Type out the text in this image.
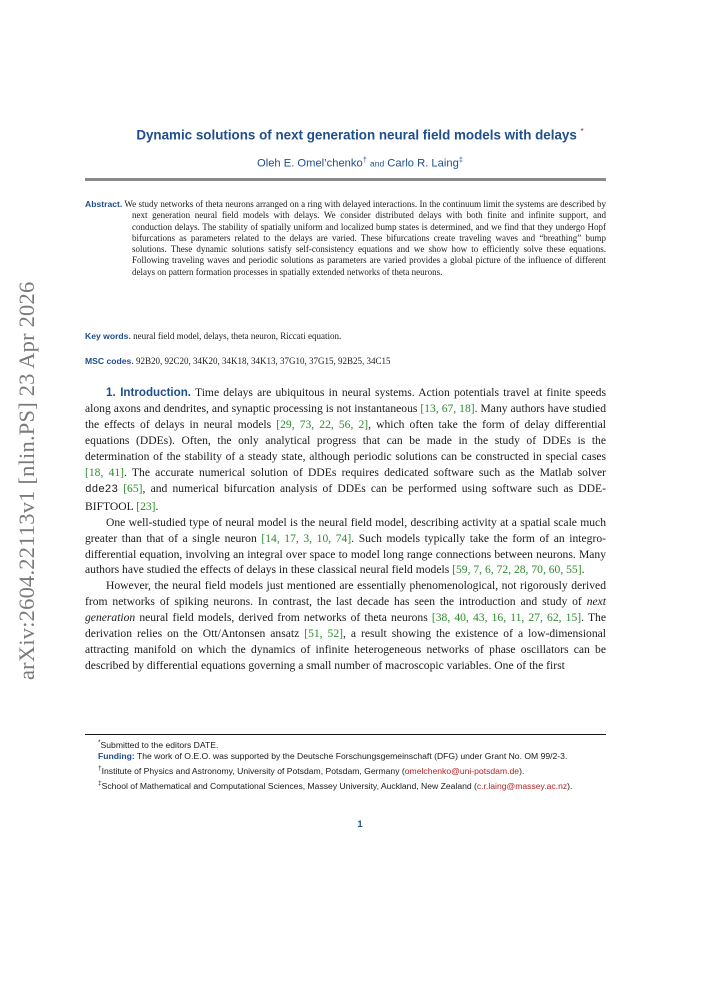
arXiv:2604.22113v1 [nlin.PS] 23 Apr 2026
Dynamic solutions of next generation neural field models with delays *
Oleh E. Omel’chenko† and Carlo R. Laing‡
Abstract. We study networks of theta neurons arranged on a ring with delayed interactions. In the continuum limit the systems are described by next generation neural field models with delays. We consider distributed delays with both finite and infinite support, and conduction delays. The stability of spatially uniform and localized bump states is determined, and we find that they undergo Hopf bifurcations as parameters related to the delays are varied. These bifurcations create traveling waves and “breathing” bump solutions. These dynamic solutions satisfy self-consistency equations and we show how to efficiently solve these equations. Following traveling waves and periodic solutions as parameters are varied provides a global picture of the influence of different delays on pattern formation processes in spatially extended networks of theta neurons.
Key words. neural field model, delays, theta neuron, Riccati equation.
MSC codes. 92B20, 92C20, 34K20, 34K18, 34K13, 37G10, 37G15, 92B25, 34C15

1. Introduction. Time delays are ubiquitous in neural systems. Action potentials travel at finite speeds along axons and dendrites, and synaptic processing is not instantaneous [13, 67, 18]. Many authors have studied the effects of delays in neural models [29, 73, 22, 56, 2], which often take the form of delay differential equations (DDEs). Often, the only analytical progress that can be made in the study of DDEs is the determination of the stability of a steady state, although periodic solutions can be constructed in special cases [18, 41]. The accurate numerical solution of DDEs requires dedicated software such as the Matlab solver dde23 [65], and numerical bifurcation analysis of DDEs can be performed using software such as DDE-BIFTOOL [23].

One well-studied type of neural model is the neural field model, describing activity at a spatial scale much greater than that of a single neuron [14, 17, 3, 10, 74]. Such models typically take the form of an integro-differential equation, involving an integral over space to model long range connections between neurons. Many authors have studied the effects of delays in these classical neural field models [59, 7, 6, 72, 28, 70, 60, 55].

However, the neural field models just mentioned are essentially phenomenological, not rigorously derived from networks of spiking neurons. In contrast, the last decade has seen the introduction and study of next generation neural field models, derived from networks of theta neurons [38, 40, 43, 16, 11, 27, 62, 15]. The derivation relies on the Ott/Antonsen ansatz [51, 52], a result showing the existence of a low-dimensional attracting manifold on which the dynamics of infinite heterogeneous networks of phase oscillators can be described by differential equations governing a small number of macroscopic variables. One of the first

*Submitted to the editors DATE.

Funding: The work of O.E.O. was supported by the Deutsche Forschungsgemeinschaft (DFG) under Grant No. OM 99/2-3.

†Institute of Physics and Astronomy, University of Potsdam, Potsdam, Germany (omelchenko@uni-potsdam.de).

‡School of Mathematical and Computational Sciences, Massey University, Auckland, New Zealand (c.r.laing@massey.ac.nz).

1
